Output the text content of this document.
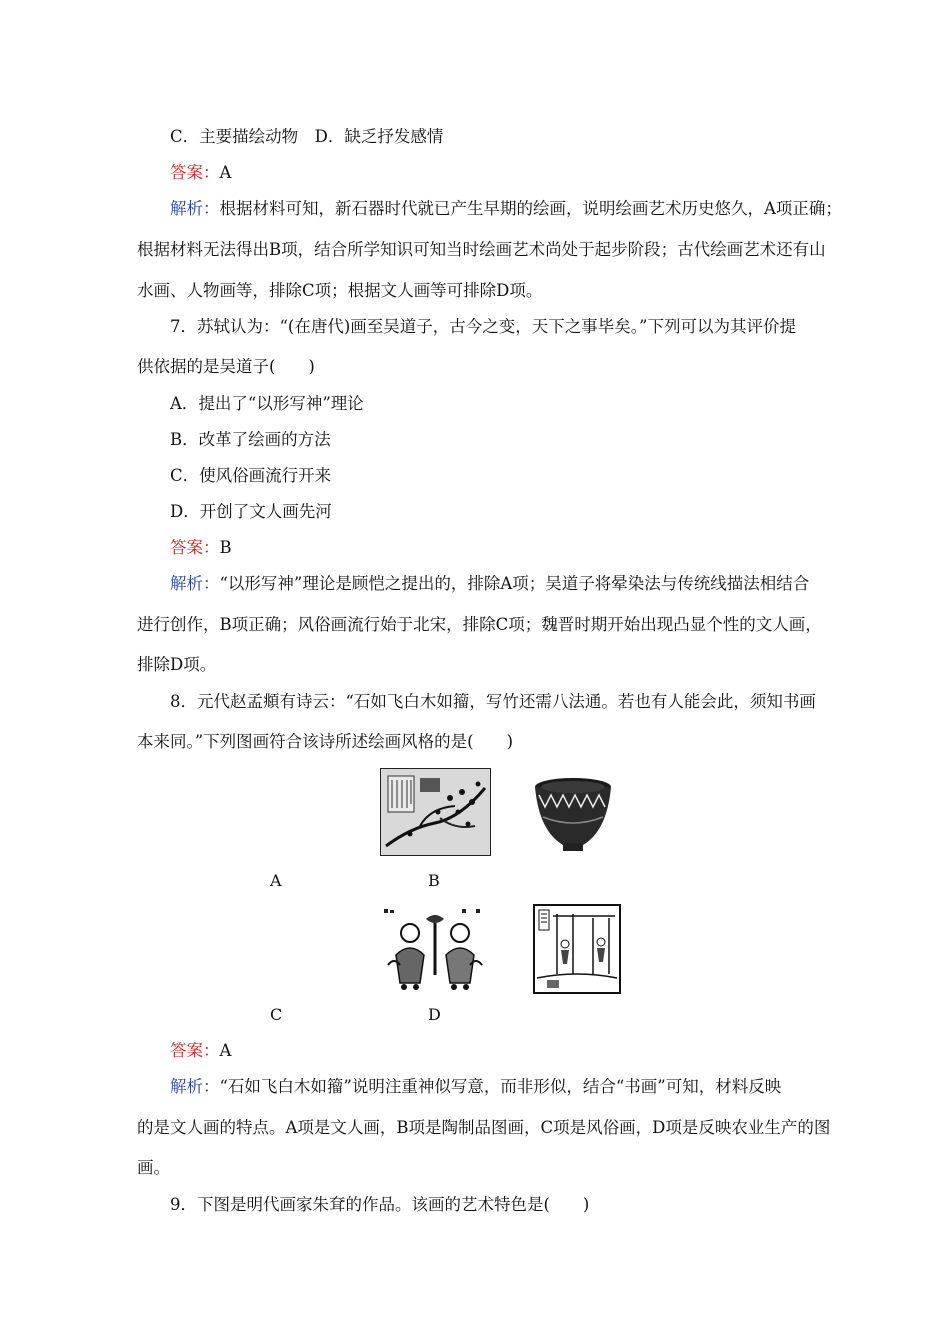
C．主要描绘动物　D．缺乏抒发感情
答案：A
解析：根据材料可知，新石器时代就已产生早期的绘画，说明绘画艺术历史悠久，A项正确；
根据材料无法得出B项，结合所学知识可知当时绘画艺术尚处于起步阶段；古代绘画艺术还有山
水画、人物画等，排除C项；根据文人画等可排除D项。
7．苏轼认为：“(在唐代)画至吴道子，古今之变，天下之事毕矣。”下列可以为其评价提
供依据的是吴道子(　　)
A．提出了“以形写神”理论
B．改革了绘画的方法
C．使风俗画流行开来
D．开创了文人画先河
答案：B
解析：“以形写神”理论是顾恺之提出的，排除A项；吴道子将晕染法与传统线描法相结合
进行创作，B项正确；风俗画流行始于北宋，排除C项；魏晋时期开始出现凸显个性的文人画，
排除D项。
8．元代赵孟頫有诗云：“石如飞白木如籀，写竹还需八法通。若也有人能会此，须知书画
本来同。”下列图画符合该诗所述绘画风格的是(　　)
A	B
C	D
答案：A
解析：“石如飞白木如籀”说明注重神似写意，而非形似，结合“书画”可知，材料反映
的是文人画的特点。A项是文人画，B项是陶制品图画，C项是风俗画，D项是反映农业生产的图
画。
9．下图是明代画家朱耷的作品。该画的艺术特色是(　　)
